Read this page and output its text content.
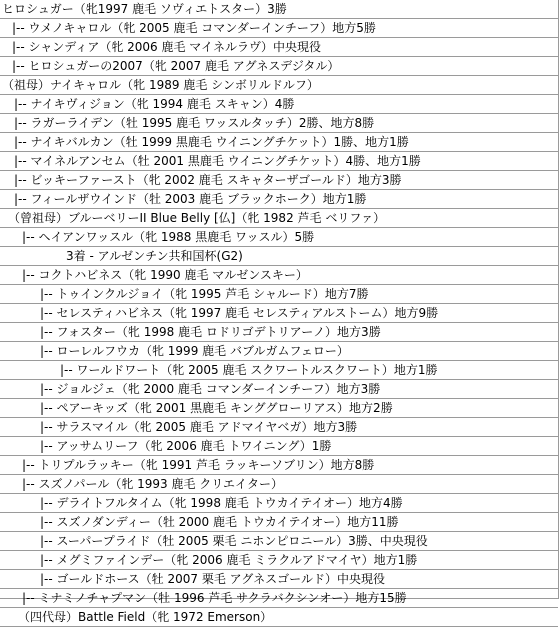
ヒロシュガー（牝1997 鹿毛 ソヴィエトスター）3勝
|-- ウメノキャロル（牝 2005 鹿毛 コマンダーインチーフ）地方5勝
|-- シャンディア（牝 2006 鹿毛 マイネルラヴ）中央現役
|-- ヒロシュガーの2007（牝 2007 鹿毛 アグネスデジタル）
（祖母）ナイキャロル（牝 1989 鹿毛 シンボリルドルフ）
|-- ナイキヴィジョン（牝 1994 鹿毛 スキャン）4勝
|-- ラガーライデン（牡 1995 鹿毛 ワッスルタッチ）2勝、地方8勝
|-- ナイキバルカン（牡 1999 黒鹿毛 ウイニングチケット）1勝、地方1勝
|-- マイネルアンセム（牡 2001 黒鹿毛 ウイニングチケット）4勝、地方1勝
|-- ビッキーファースト（牝 2002 鹿毛 スキャターザゴールド）地方3勝
|-- フィールザウインド（牡 2003 鹿毛 ブラックホーク）地方1勝
（曾祖母）ブルーベリーII Blue Belly [仏]（牝 1982 芦毛 ベリファ）
|-- ヘイアンワッスル（牝 1988 黒鹿毛 ワッスル）5勝
3着 - アルゼンチン共和国杯(G2)
|-- コクトハビネス（牝 1990 鹿毛 マルゼンスキー）
|-- トゥインクルジョイ（牝 1995 芦毛 シャルード）地方7勝
|-- セレスティハビネス（牝 1997 鹿毛 セレスティアルストーム）地方9勝
|-- フォスター（牝 1998 鹿毛 ロドリゴデトリアーノ）地方3勝
|-- ローレルフウカ（牝 1999 鹿毛 バブルガムフェロー）
|-- ワールドワート（牝 2005 鹿毛 スクワートルスクワート）地方1勝
|-- ジョルジェ（牝 2000 鹿毛 コマンダーインチーフ）地方3勝
|-- ペアーキッズ（牝 2001 黒鹿毛 キンググローリアス）地方2勝
|-- サラスマイル（牝 2005 鹿毛 アドマイヤベガ）地方3勝
|-- アッサムリーフ（牝 2006 鹿毛 トワイニング）1勝
|-- トリプルラッキー（牝 1991 芦毛 ラッキーソブリン）地方8勝
|-- スズノパール（牝 1993 鹿毛 クリエイター）
|-- デライトフルタイム（牝 1998 鹿毛 トウカイテイオー）地方4勝
|-- スズノダンディー（牡 2000 鹿毛 トウカイテイオー）地方11勝
|-- スーパープライド（牡 2005 栗毛 ニホンピロニール）3勝、中央現役
|-- メグミファインデー（牝 2006 鹿毛 ミラクルアドマイヤ）地方1勝
|-- ゴールドホース（牡 2007 栗毛 アグネスゴールド）中央現役
|-- ミナミノチャプマン（牡 1996 芦毛 サクラバクシンオー）地方15勝
（四代母）Battle Field（牝 1972 Emerson）
